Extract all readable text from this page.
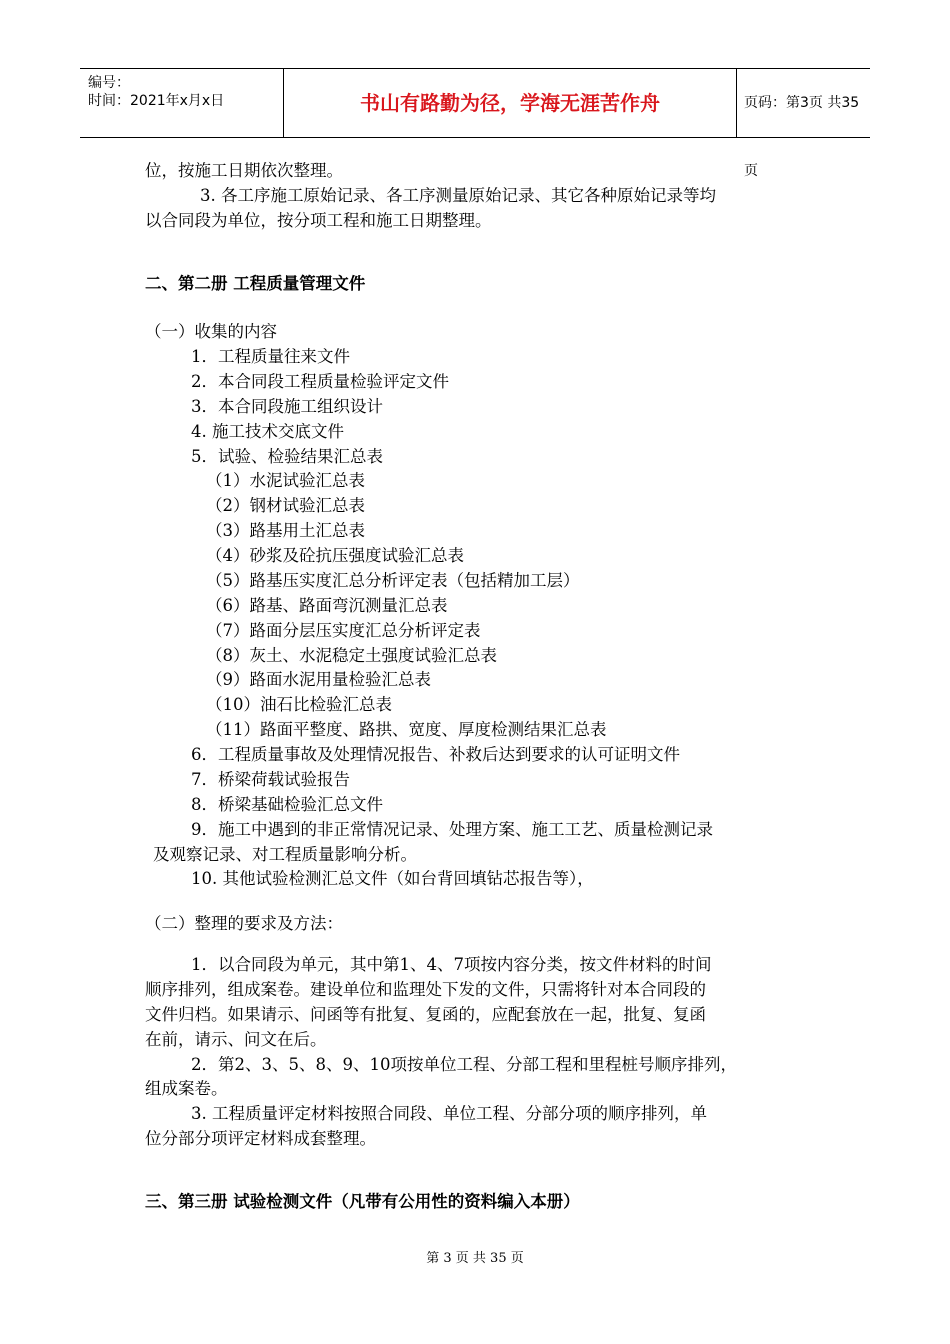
编号：
时间：2021年x月x日	书山有路勤为径，学海无涯苦作舟	页码：第3页 共35页
位，按施工日期依次整理。
3. 各工序施工原始记录、各工序测量原始记录、其它各种原始记录等均
以合同段为单位，按分项工程和施工日期整理。
二、第二册 工程质量管理文件
（一）收集的内容
1．工程质量往来文件
2．本合同段工程质量检验评定文件
3．本合同段施工组织设计
4. 施工技术交底文件
5．试验、检验结果汇总表
（1）水泥试验汇总表
（2）钢材试验汇总表
（3）路基用土汇总表
（4）砂浆及砼抗压强度试验汇总表
（5）路基压实度汇总分析评定表（包括精加工层）
（6）路基、路面弯沉测量汇总表
（7）路面分层压实度汇总分析评定表
（8）灰土、水泥稳定土强度试验汇总表
（9）路面水泥用量检验汇总表
（10）油石比检验汇总表
（11）路面平整度、路拱、宽度、厚度检测结果汇总表
6．工程质量事故及处理情况报告、补救后达到要求的认可证明文件
7．桥梁荷载试验报告
8．桥梁基础检验汇总文件
9．施工中遇到的非正常情况记录、处理方案、施工工艺、质量检测记录
及观察记录、对工程质量影响分析。
10. 其他试验检测汇总文件（如台背回填钻芯报告等），
（二）整理的要求及方法：
1．以合同段为单元，其中第1、4、7项按内容分类，按文件材料的时间
顺序排列，组成案卷。建设单位和监理处下发的文件，只需将针对本合同段的
文件归档。如果请示、问函等有批复、复函的，应配套放在一起，批复、复函
在前，请示、问文在后。
2．第2、3、5、8、9、10项按单位工程、分部工程和里程桩号顺序排列，
组成案卷。
3. 工程质量评定材料按照合同段、单位工程、分部分项的顺序排列，单
位分部分项评定材料成套整理。
三、第三册 试验检测文件（凡带有公用性的资料编入本册）
第 3 页 共 35 页
